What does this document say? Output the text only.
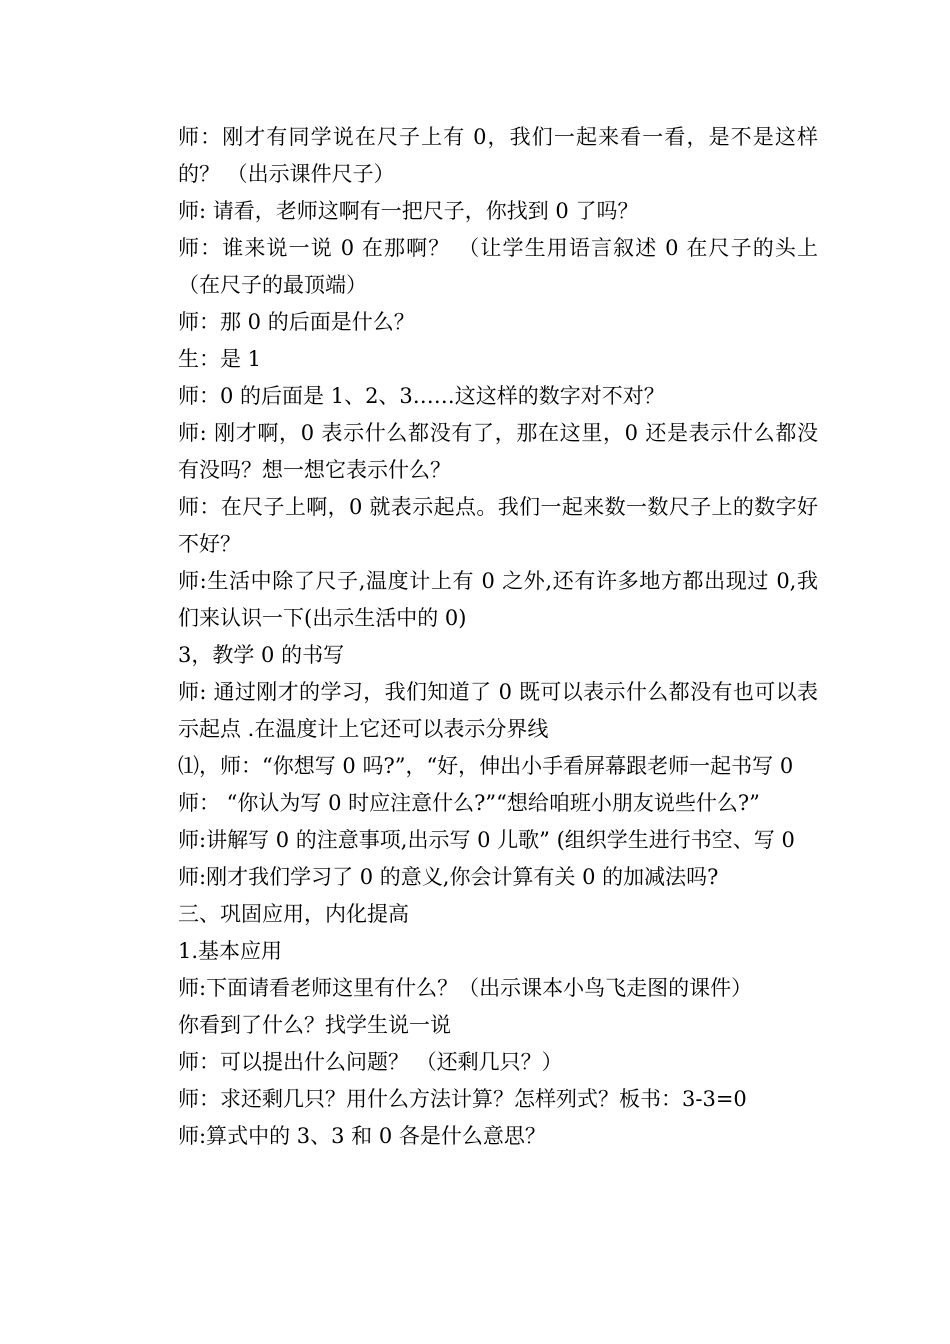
师：刚才有同学说在尺子上有 0，我们一起来看一看，是不是这样的？ （出示课件尺子）

师: 请看，老师这啊有一把尺子，你找到 0 了吗？

师：谁来说一说 0 在那啊？ （让学生用语言叙述 0 在尺子的头上（在尺子的最顶端）

师：那 0 的后面是什么？

生：是 1

师：0 的后面是 1、2、3……这这样的数字对不对？

师: 刚才啊，0 表示什么都没有了，那在这里，0 还是表示什么都没有没吗？想一想它表示什么？

师：在尺子上啊，0 就表示起点。我们一起来数一数尺子上的数字好不好？

师:生活中除了尺子,温度计上有 0 之外,还有许多地方都出现过 0,我们来认识一下(出示生活中的 0)

3，教学 0 的书写

师: 通过刚才的学习，我们知道了 0 既可以表示什么都没有也可以表示起点 .在温度计上它还可以表示分界线

⑴，师：“你想写 0 吗?”，“好，伸出小手看屏幕跟老师一起书写 0

师： “你认为写 0 时应注意什么?”“想给咱班小朋友说些什么?”

师:讲解写 0 的注意事项,出示写 0 儿歌” (组织学生进行书空、写 0

师:刚才我们学习了 0 的意义,你会计算有关 0 的加减法吗?

三、巩固应用，内化提高

1.基本应用

师:下面请看老师这里有什么？（出示课本小鸟飞走图的课件）

你看到了什么？找学生说一说

师：可以提出什么问题？ （还剩几只？）

师：求还剩几只？用什么方法计算？怎样列式？板书：3-3=0

师:算式中的 3、3 和 0 各是什么意思？
